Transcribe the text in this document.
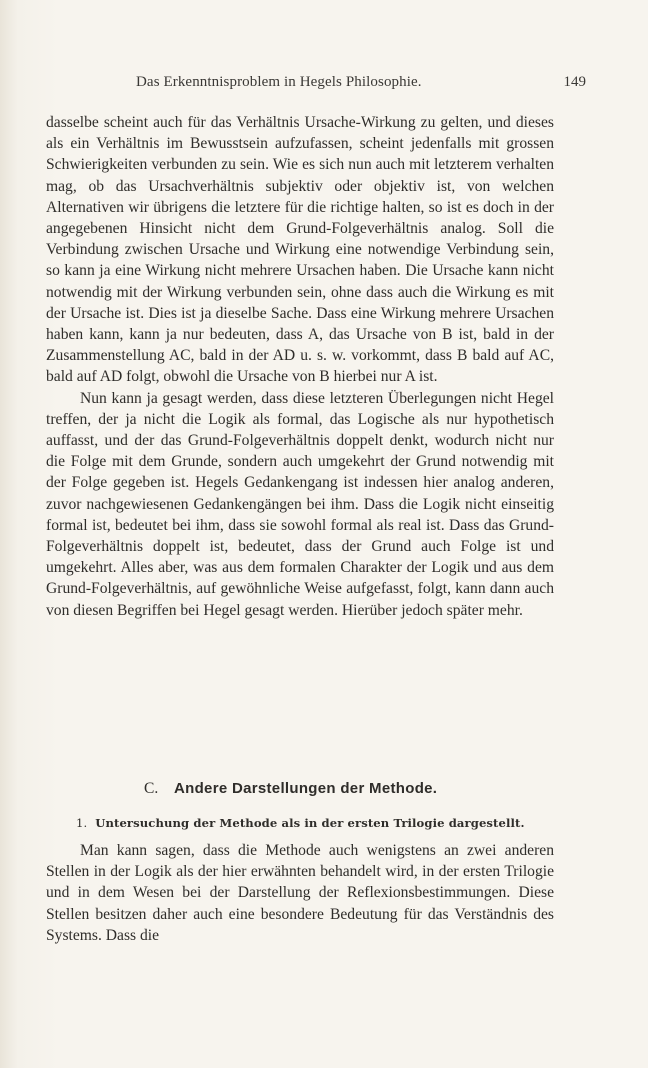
Das Erkenntnisproblem in Hegels Philosophie.	149

dasselbe scheint auch für das Verhältnis Ursache-Wirkung zu gelten, und dieses als ein Verhältnis im Bewusstsein aufzufassen, scheint jedenfalls mit grossen Schwierigkeiten verbunden zu sein. Wie es sich nun auch mit letzterem verhalten mag, ob das Ursachverhältnis subjektiv oder objektiv ist, von welchen Alternativen wir übrigens die letztere für die richtige halten, so ist es doch in der angegebenen Hinsicht nicht dem Grund-Folgeverhältnis analog. Soll die Verbindung zwischen Ursache und Wirkung eine notwendige Verbindung sein, so kann ja eine Wirkung nicht mehrere Ursachen haben. Die Ursache kann nicht notwendig mit der Wirkung verbunden sein, ohne dass auch die Wirkung es mit der Ursache ist. Dies ist ja dieselbe Sache. Dass eine Wirkung mehrere Ursachen haben kann, kann ja nur bedeuten, dass A, das Ursache von B ist, bald in der Zusammenstellung AC, bald in der AD u. s. w. vorkommt, dass B bald auf AC, bald auf AD folgt, obwohl die Ursache von B hierbei nur A ist.

Nun kann ja gesagt werden, dass diese letzteren Überlegungen nicht Hegel treffen, der ja nicht die Logik als formal, das Logische als nur hypothetisch auffasst, und der das Grund-Folgeverhältnis doppelt denkt, wodurch nicht nur die Folge mit dem Grunde, sondern auch umgekehrt der Grund notwendig mit der Folge gegeben ist. Hegels Gedankengang ist indessen hier analog anderen, zuvor nachgewiesenen Gedankengängen bei ihm. Dass die Logik nicht einseitig formal ist, bedeutet bei ihm, dass sie sowohl formal als real ist. Dass das Grund-Folgeverhältnis doppelt ist, bedeutet, dass der Grund auch Folge ist und umgekehrt. Alles aber, was aus dem formalen Charakter der Logik und aus dem Grund-Folgeverhältnis, auf gewöhnliche Weise aufgefasst, folgt, kann dann auch von diesen Begriffen bei Hegel gesagt werden. Hierüber jedoch später mehr.

C. Andere Darstellungen der Methode.
1. Untersuchung der Methode als in der ersten Trilogie dargestellt.

Man kann sagen, dass die Methode auch wenigstens an zwei anderen Stellen in der Logik als der hier erwähnten behandelt wird, in der ersten Trilogie und in dem Wesen bei der Darstellung der Reflexionsbestimmungen. Diese Stellen besitzen daher auch eine besondere Bedeutung für das Verständnis des Systems. Dass die
